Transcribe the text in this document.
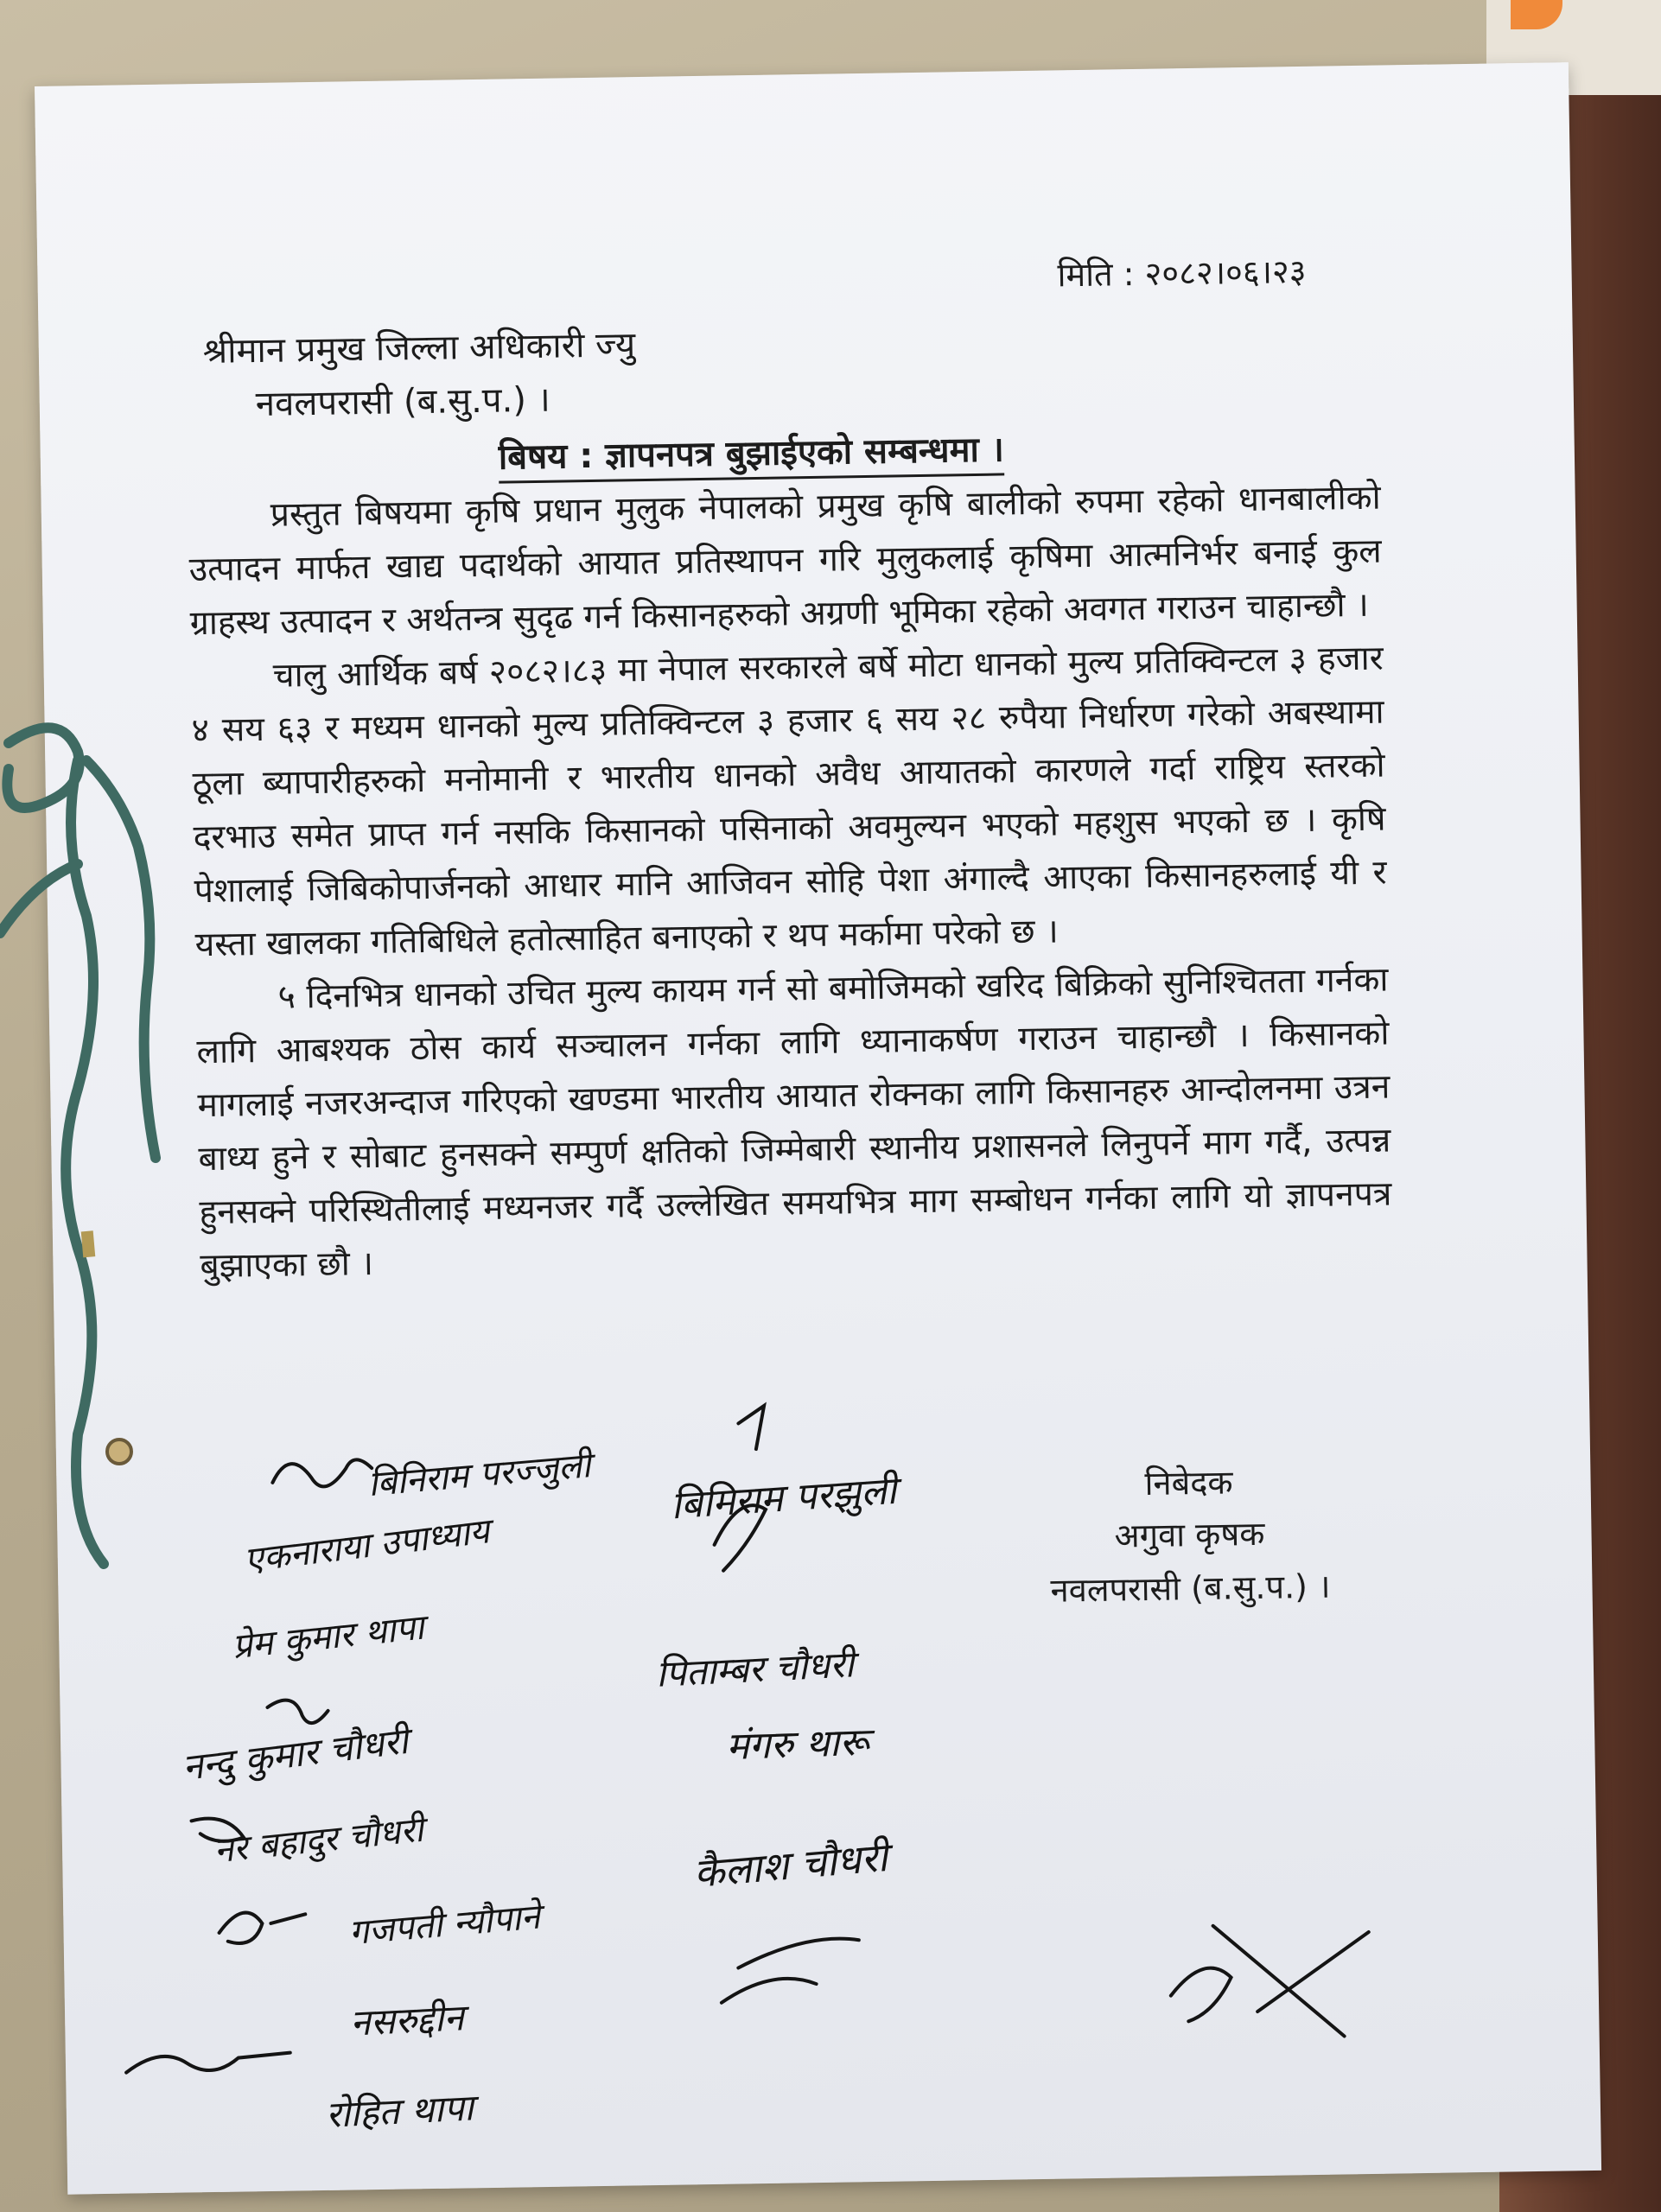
मिति : २०८२।०६।२३
श्रीमान प्रमुख जिल्ला अधिकारी ज्यु
नवलपरासी (ब.सु.प.) ।
बिषय : ज्ञापनपत्र बुझाईएको सम्बन्धमा ।

प्रस्तुत बिषयमा कृषि प्रधान मुलुक नेपालको प्रमुख कृषि बालीको रुपमा रहेको धानबालीको उत्पादन मार्फत खाद्य पदार्थको आयात प्रतिस्थापन गरि मुलुकलाई कृषिमा आत्मनिर्भर बनाई कुल ग्राहस्थ उत्पादन र अर्थतन्त्र सुदृढ गर्न किसानहरुको अग्रणी भूमिका रहेको अवगत गराउन चाहान्छौ ।

चालु आर्थिक बर्ष २०८२।८३ मा नेपाल सरकारले बर्षे मोटा धानको मुल्य प्रतिक्विन्टल ३ हजार ४ सय ६३ र मध्यम धानको मुल्य प्रतिक्विन्टल ३ हजार ६ सय २८ रुपैया निर्धारण गरेको अबस्थामा ठूला ब्यापारीहरुको मनोमानी र भारतीय धानको अवैध आयातको कारणले गर्दा राष्ट्रिय स्तरको दरभाउ समेत प्राप्त गर्न नसकि किसानको पसिनाको अवमुल्यन भएको महशुस भएको छ । कृषि पेशालाई जिबिकोपार्जनको आधार मानि आजिवन सोहि पेशा अंगाल्दै आएका किसानहरुलाई यी र यस्ता खालका गतिबिधिले हतोत्साहित बनाएको र थप मर्कामा परेको छ ।

५ दिनभित्र धानको उचित मुल्य कायम गर्न सो बमोजिमको खरिद बिक्रिको सुनिश्चितता गर्नका लागि आबश्यक ठोस कार्य सञ्चालन गर्नका लागि ध्यानाकर्षण गराउन चाहान्छौ । किसानको मागलाई नजरअन्दाज गरिएको खण्डमा भारतीय आयात रोक्नका लागि किसानहरु आन्दोलनमा उत्रन बाध्य हुने र सोबाट हुनसक्ने सम्पुर्ण क्षतिको जिम्मेबारी स्थानीय प्रशासनले लिनुपर्ने माग गर्दै, उत्पन्न हुनसक्ने परिस्थितीलाई मध्यनजर गर्दै उल्लेखित समयभित्र माग सम्बोधन गर्नका लागि यो ज्ञापनपत्र बुझाएका छौ ।

निबेदक
अगुवा कृषक
नवलपरासी (ब.सु.प.) ।
बिनिराम परज्जुली
एकनाराया उपाध्याय
बिमिराम परझुली
प्रेम कुमार थापा
पिताम्बर चौधरी
नन्दु कुमार चौधरी	मंगरु थारू
नर बहादुर चौधरी	कैलाश चौधरी
गजपती न्यौपाने
नसरुद्दीन
रोहित थापा
